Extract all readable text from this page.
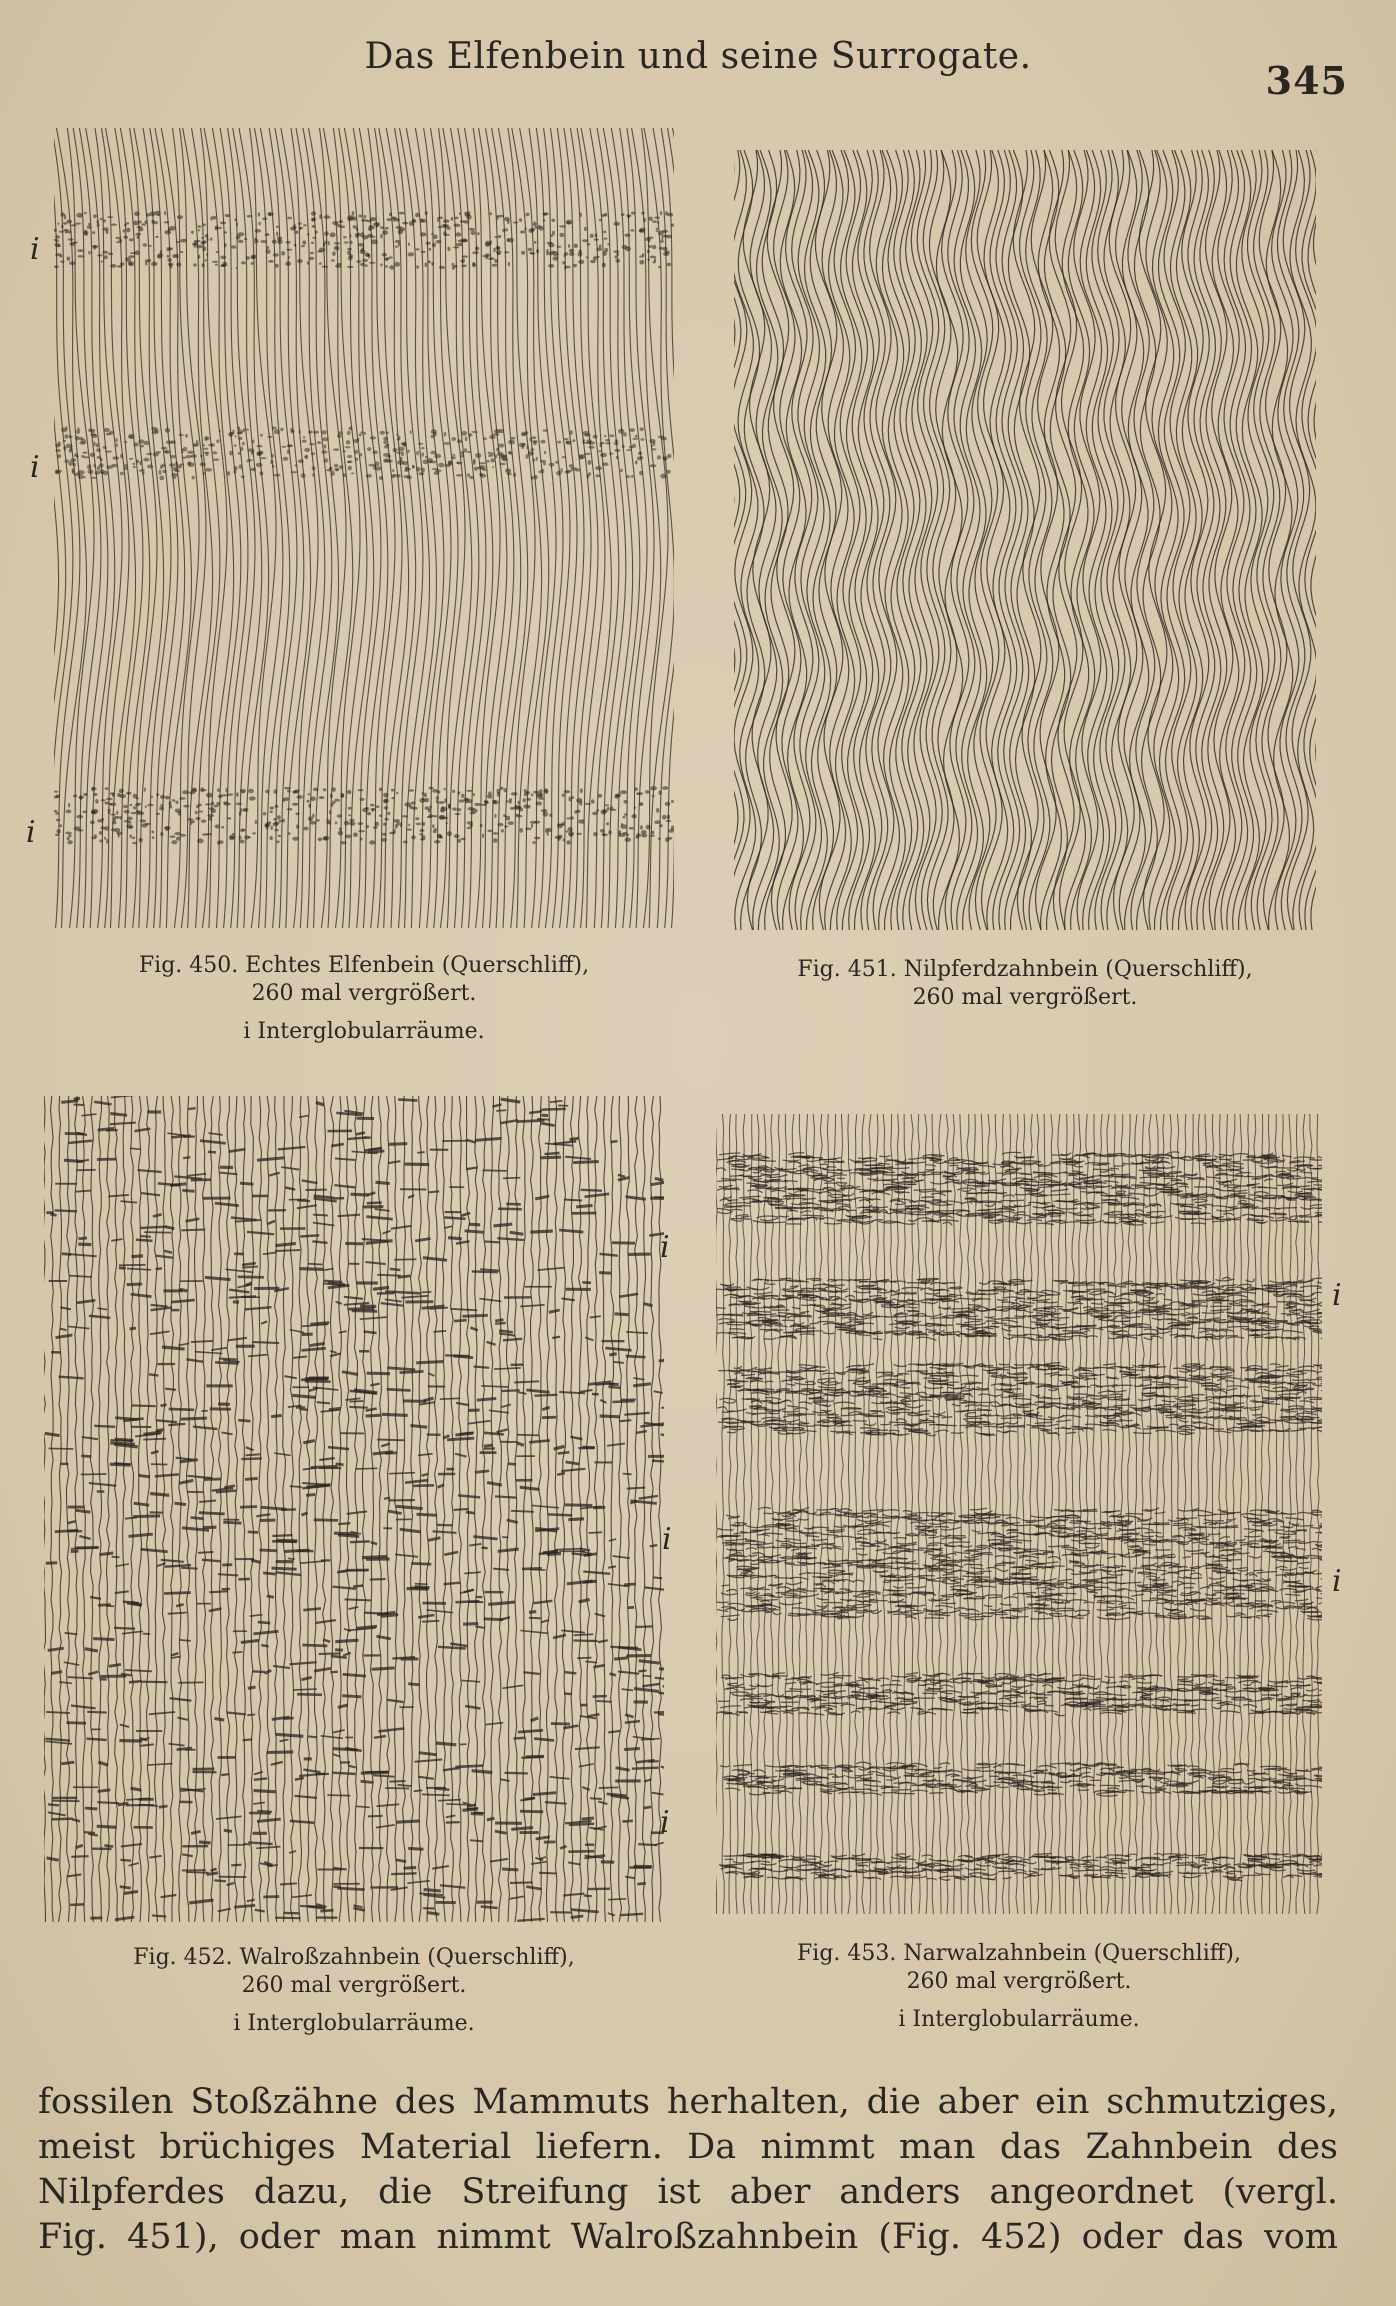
Das Elfenbein und seine Surrogate.
345
i
i
i
Fig. 450. Echtes Elfenbein (Querschliff),
260 mal vergrößert.
i Interglobularräume.
Fig. 451. Nilpferdzahnbein (Querschliff),
260 mal vergrößert.
i
i
i
Fig. 452. Walroßzahnbein (Querschliff),
260 mal vergrößert.
i Interglobularräume.
i
i
Fig. 453. Narwalzahnbein (Querschliff),
260 mal vergrößert.
i Interglobularräume.
fossilen Stoßzähne des Mammuts herhalten, die aber ein schmutziges,
meist brüchiges Material liefern. Da nimmt man das Zahnbein des
Nilpferdes dazu, die Streifung ist aber anders angeordnet (vergl.
Fig. 451), oder man nimmt Walroßzahnbein (Fig. 452) oder das vom
